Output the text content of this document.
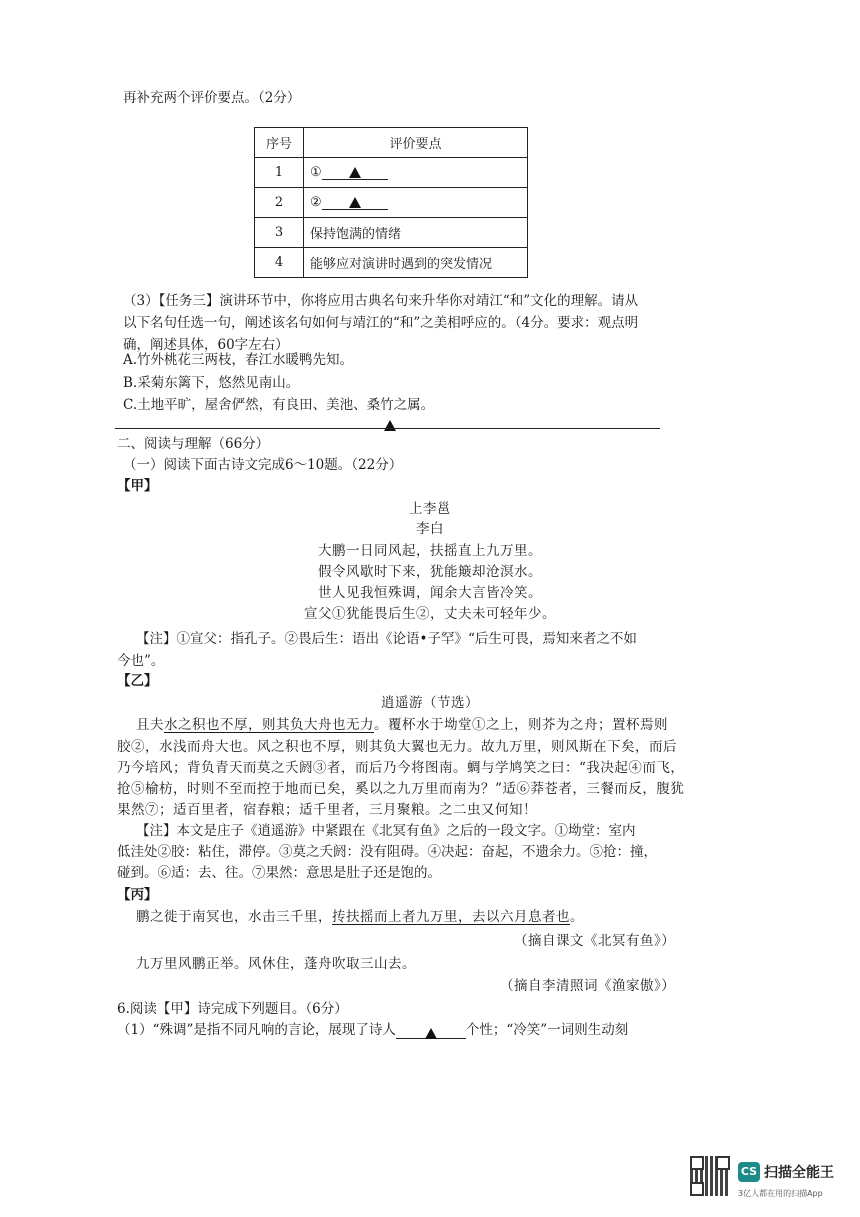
再补充两个评价要点。（2分）
序号	评价要点
1	①
2	②
3	保持饱满的情绪
4	能够应对演讲时遇到的突发情况
（3）【任务三】演讲环节中，你将应用古典名句来升华你对靖江“和”文化的理解。请从
以下名句任选一句，阐述该名句如何与靖江的“和”之美相呼应的。（4分。要求：观点明
确，阐述具体，60字左右）
A.竹外桃花三两枝，春江水暖鸭先知。
B.采菊东篱下，悠然见南山。
C.土地平旷，屋舍俨然，有良田、美池、桑竹之属。
二、阅读与理解（66分）
（一）阅读下面古诗文完成6～10题。（22分）
【甲】
上李邕
李白
大鹏一日同风起，扶摇直上九万里。
假令风歇时下来，犹能簸却沧溟水。
世人见我恒殊调，闻余大言皆冷笑。
宣父①犹能畏后生②，丈夫未可轻年少。
【注】①宣父：指孔子。②畏后生：语出《论语•子罕》“后生可畏，焉知来者之不如
今也”。
【乙】
逍遥游（节选）
且夫水之积也不厚，则其负大舟也无力。覆杯水于坳堂①之上，则芥为之舟；置杯焉则
胶②，水浅而舟大也。风之积也不厚，则其负大翼也无力。故九万里，则风斯在下矣，而后
乃今培风；背负青天而莫之夭阏③者，而后乃今将图南。蜩与学鸠笑之曰：“我决起④而飞，
抢⑤榆枋，时则不至而控于地而已矣，奚以之九万里而南为？”适⑥莽苍者，三餐而反，腹犹
果然⑦；适百里者，宿舂粮；适千里者，三月聚粮。之二虫又何知！
【注】本文是庄子《逍遥游》中紧跟在《北冥有鱼》之后的一段文字。①坳堂：室内
低洼处②胶：粘住，滞停。③莫之夭阏：没有阻碍。④决起：奋起，不遗余力。⑤抢：撞，
碰到。⑥适：去、往。⑦果然：意思是肚子还是饱的。
【丙】
鹏之徙于南冥也，水击三千里，抟扶摇而上者九万里，去以六月息者也。
（摘自课文《北冥有鱼》）
九万里风鹏正举。风休住，蓬舟吹取三山去。
（摘自李清照词《渔家傲》）
6.阅读【甲】诗完成下列题目。（6分）
（1）“殊调”是指不同凡响的言论，展现了诗人	个性；“冷笑”一词则生动刻
CS 扫描全能王
3亿人都在用的扫描App
